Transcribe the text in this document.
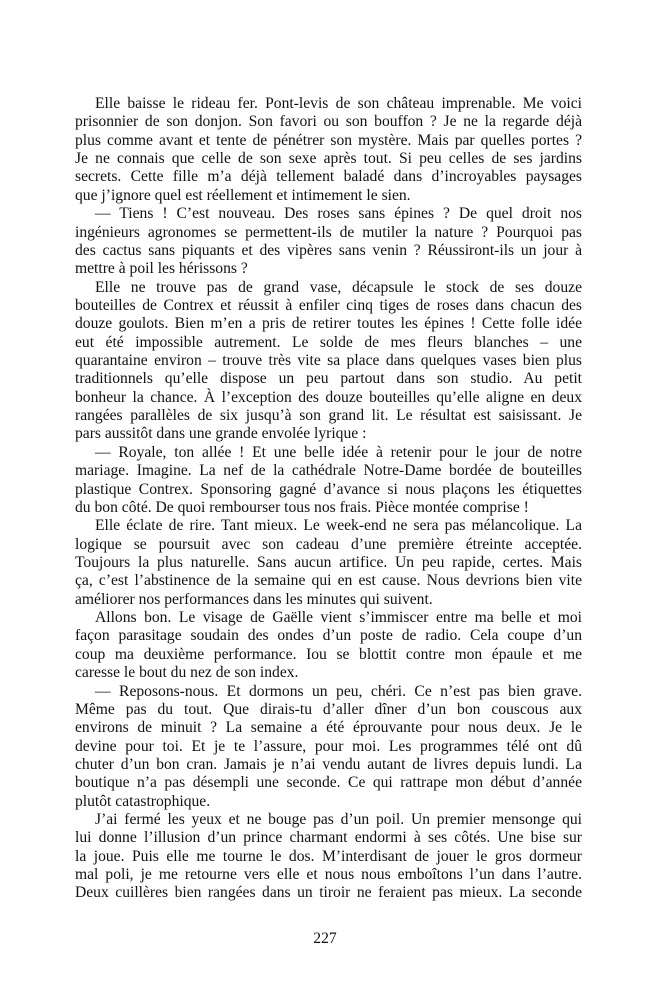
Elle baisse le rideau fer. Pont-levis de son château imprenable. Me voici
prisonnier de son donjon. Son favori ou son bouffon ? Je ne la regarde déjà
plus comme avant et tente de pénétrer son mystère. Mais par quelles portes ?
Je ne connais que celle de son sexe après tout. Si peu celles de ses jardins
secrets. Cette fille m’a déjà tellement baladé dans d’incroyables paysages
que j’ignore quel est réellement et intimement le sien.
— Tiens ! C’est nouveau. Des roses sans épines ? De quel droit nos
ingénieurs agronomes se permettent-ils de mutiler la nature ? Pourquoi pas
des cactus sans piquants et des vipères sans venin ? Réussiront-ils un jour à
mettre à poil les hérissons ?
Elle ne trouve pas de grand vase, décapsule le stock de ses douze
bouteilles de Contrex et réussit à enfiler cinq tiges de roses dans chacun des
douze goulots. Bien m’en a pris de retirer toutes les épines ! Cette folle idée
eut été impossible autrement. Le solde de mes fleurs blanches – une
quarantaine environ – trouve très vite sa place dans quelques vases bien plus
traditionnels qu’elle dispose un peu partout dans son studio. Au petit
bonheur la chance. À l’exception des douze bouteilles qu’elle aligne en deux
rangées parallèles de six jusqu’à son grand lit. Le résultat est saisissant. Je
pars aussitôt dans une grande envolée lyrique :
— Royale, ton allée ! Et une belle idée à retenir pour le jour de notre
mariage. Imagine. La nef de la cathédrale Notre-Dame bordée de bouteilles
plastique Contrex. Sponsoring gagné d’avance si nous plaçons les étiquettes
du bon côté. De quoi rembourser tous nos frais. Pièce montée comprise !
Elle éclate de rire. Tant mieux. Le week-end ne sera pas mélancolique. La
logique se poursuit avec son cadeau d’une première étreinte acceptée.
Toujours la plus naturelle. Sans aucun artifice. Un peu rapide, certes. Mais
ça, c’est l’abstinence de la semaine qui en est cause. Nous devrions bien vite
améliorer nos performances dans les minutes qui suivent.
Allons bon. Le visage de Gaëlle vient s’immiscer entre ma belle et moi
façon parasitage soudain des ondes d’un poste de radio. Cela coupe d’un
coup ma deuxième performance. Iou se blottit contre mon épaule et me
caresse le bout du nez de son index.
— Reposons-nous. Et dormons un peu, chéri. Ce n’est pas bien grave.
Même pas du tout. Que dirais-tu d’aller dîner d’un bon couscous aux
environs de minuit ? La semaine a été éprouvante pour nous deux. Je le
devine pour toi. Et je te l’assure, pour moi. Les programmes télé ont dû
chuter d’un bon cran. Jamais je n’ai vendu autant de livres depuis lundi. La
boutique n’a pas désempli une seconde. Ce qui rattrape mon début d’année
plutôt catastrophique.
J’ai fermé les yeux et ne bouge pas d’un poil. Un premier mensonge qui
lui donne l’illusion d’un prince charmant endormi à ses côtés. Une bise sur
la joue. Puis elle me tourne le dos. M’interdisant de jouer le gros dormeur
mal poli, je me retourne vers elle et nous nous emboîtons l’un dans l’autre.
Deux cuillères bien rangées dans un tiroir ne feraient pas mieux. La seconde
227
